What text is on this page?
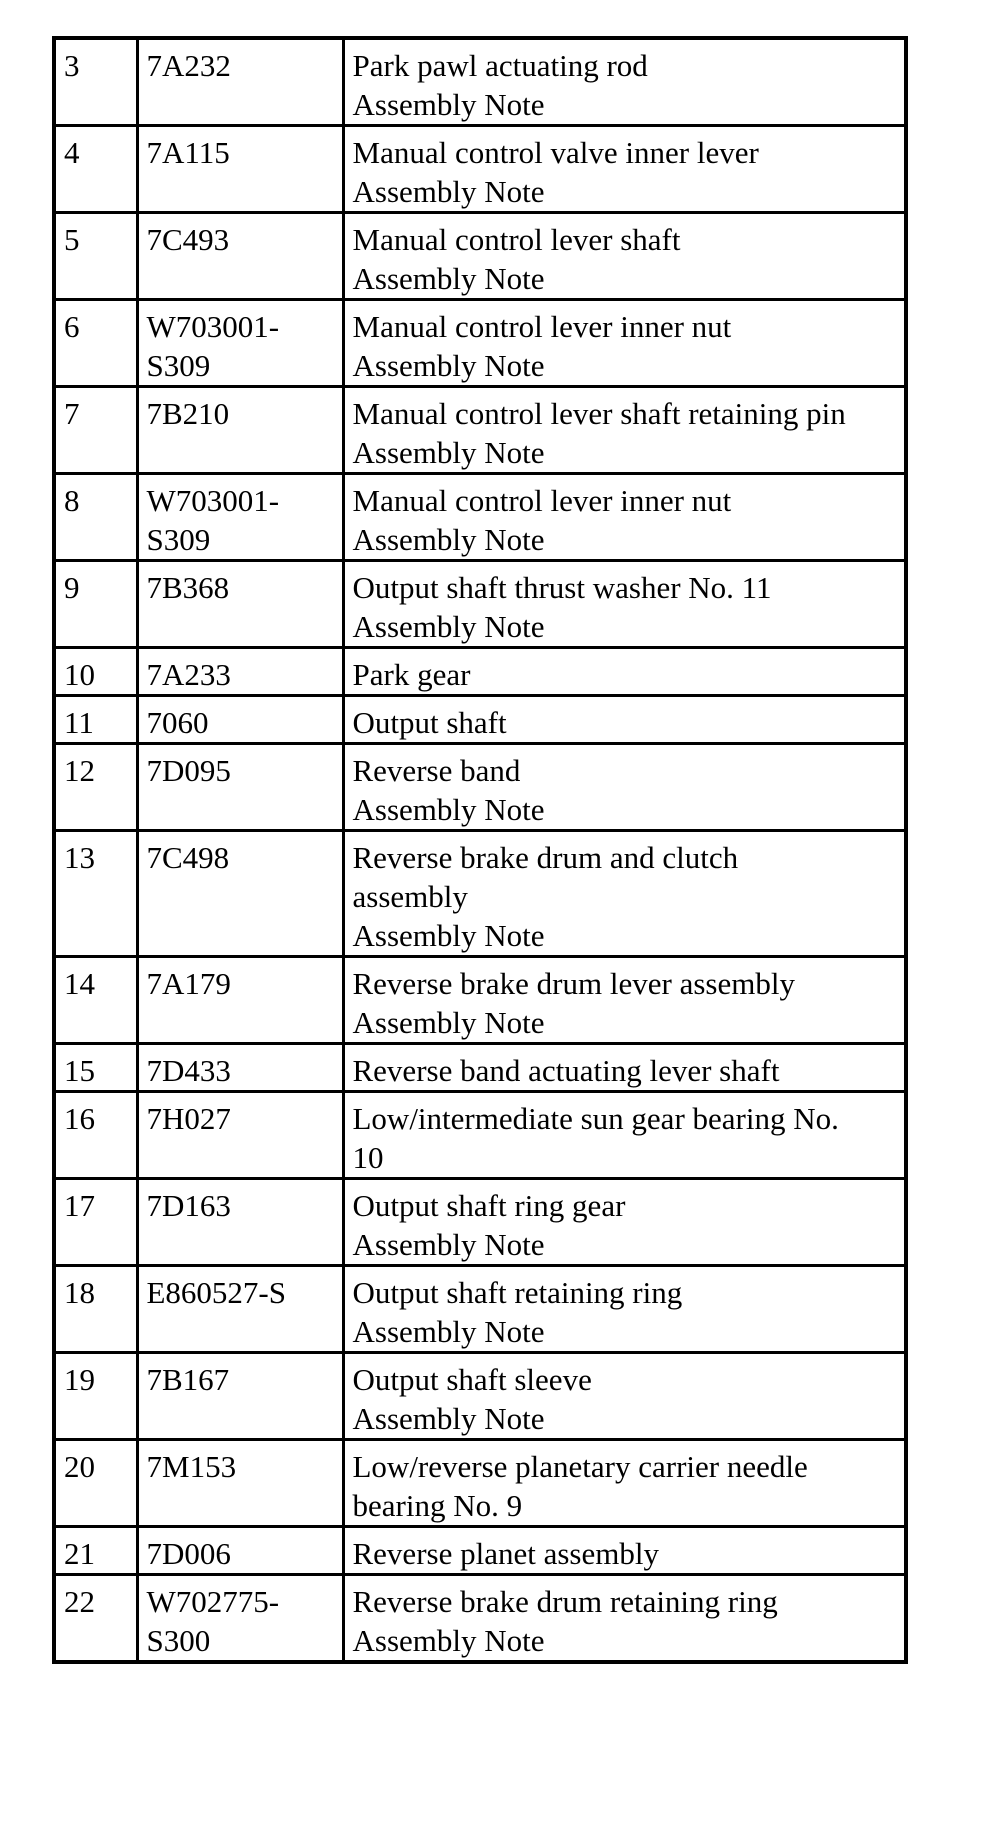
3	7A232	Park pawl actuating rod
Assembly Note

4	7A115	Manual control valve inner lever
Assembly Note

5	7C493	Manual control lever shaft
Assembly Note

6	W703001-
S309	Manual control lever inner nut
Assembly Note

7	7B210	Manual control lever shaft retaining pin
Assembly Note

8	W703001-
S309	Manual control lever inner nut
Assembly Note

9	7B368	Output shaft thrust washer No. 11
Assembly Note

10	7A233	Park gear

11	7060	Output shaft

12	7D095	Reverse band
Assembly Note

13	7C498	Reverse brake drum and clutch
assembly
Assembly Note

14	7A179	Reverse brake drum lever assembly
Assembly Note

15	7D433	Reverse band actuating lever shaft

16	7H027	Low/intermediate sun gear bearing No.
10

17	7D163	Output shaft ring gear
Assembly Note

18	E860527-S	Output shaft retaining ring
Assembly Note

19	7B167	Output shaft sleeve
Assembly Note

20	7M153	Low/reverse planetary carrier needle
bearing No. 9

21	7D006	Reverse planet assembly

22	W702775-
S300	Reverse brake drum retaining ring
Assembly Note
